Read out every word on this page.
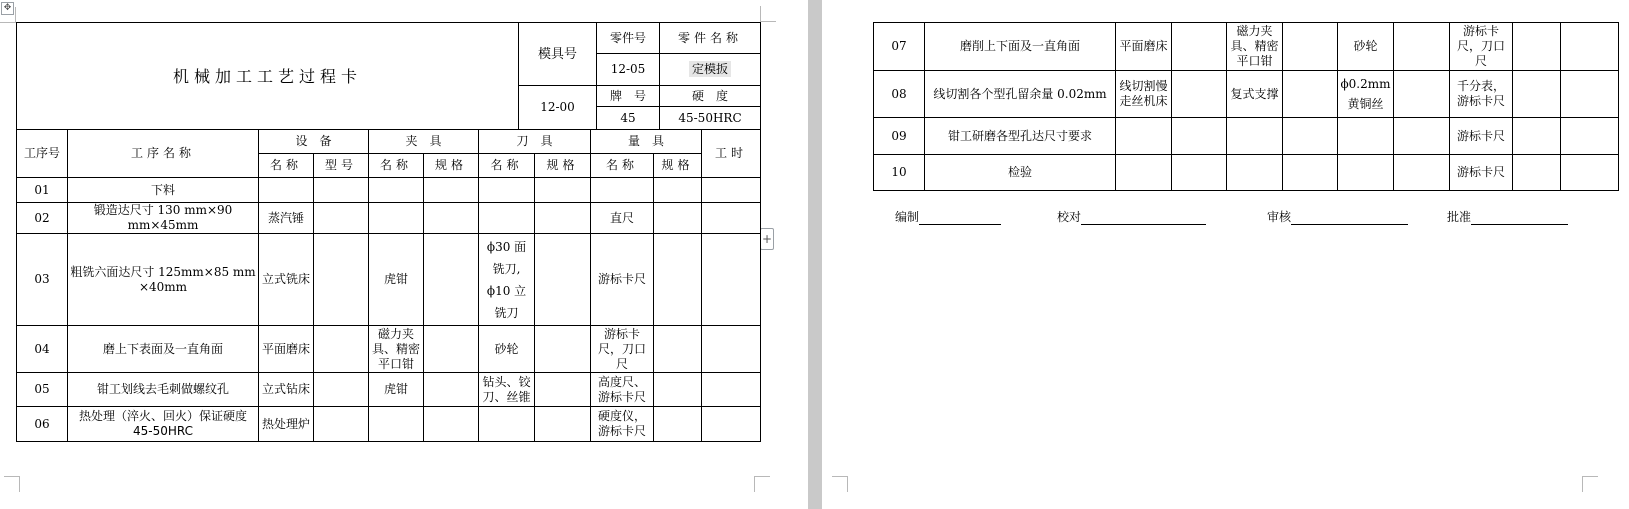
✥
+
机械加工工艺过程卡	模具号	零件号	零件名称
		12-05	定模扳
	12-00	牌　号	硬　度
		45	45-50HRC
工序号	工序名称	设　备		夹　具		刀　具		量　具		工时
		名称	型号	名称	规格	名称	规格	名称	规格	
01	下料									
02	锻造达尺寸 130 mm×90 mm×45mm	蒸汽锤						直尺		
03	粗铣六面达尺寸 125mm×85 mm ×40mm	立式铣床		虎钳		ϕ30 面铣刀, ϕ10 立铣刀		游标卡尺		
04	磨上下表面及一直角面	平面磨床		磁力夹具、精密平口钳		砂轮		游标卡尺，刀口尺		
05	钳工划线去毛刺做螺纹孔	立式钻床		虎钳		钻头、铰刀、丝锥		高度尺、游标卡尺		
06	热处理（淬火、回火）保证硬度 45-50HRC	热处理炉						硬度仪，游标卡尺		
07	磨削上下面及一直角面	平面磨床		磁力夹具、精密平口钳		砂轮		游标卡尺，刀口尺		
08	线切割各个型孔留余量 0.02mm	线切割慢走丝机床		复式支撑		ϕ0.2mm 黄铜丝		千分表，游标卡尺		
09	钳工研磨各型孔达尺寸要求							游标卡尺		
10	检验							游标卡尺		
编制	校对	审核	批准
